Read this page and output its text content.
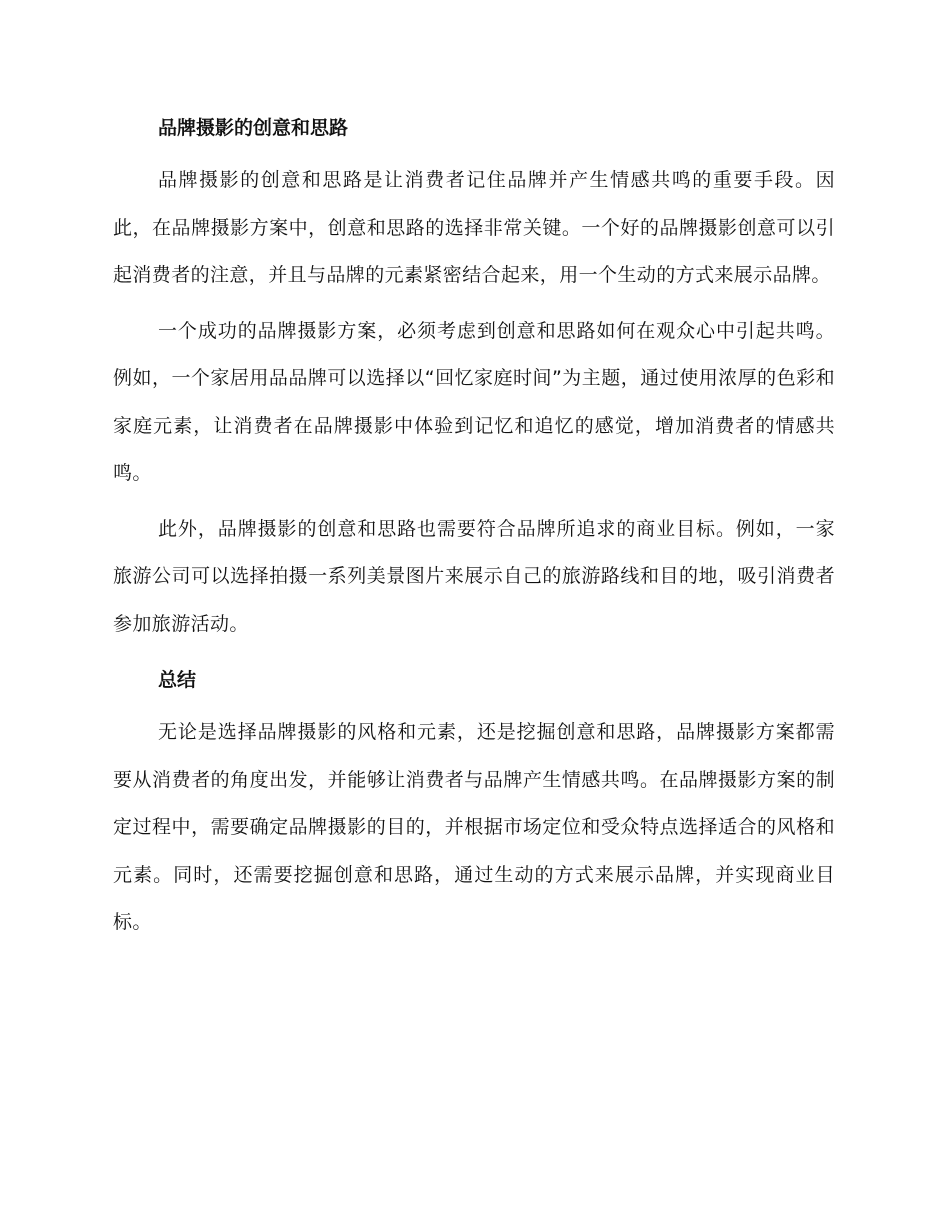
品牌摄影的创意和思路

品牌摄影的创意和思路是让消费者记住品牌并产生情感共鸣的重要手段。因此，在品牌摄影方案中，创意和思路的选择非常关键。一个好的品牌摄影创意可以引起消费者的注意，并且与品牌的元素紧密结合起来，用一个生动的方式来展示品牌。

一个成功的品牌摄影方案，必须考虑到创意和思路如何在观众心中引起共鸣。例如，一个家居用品品牌可以选择以“回忆家庭时间”为主题，通过使用浓厚的色彩和家庭元素，让消费者在品牌摄影中体验到记忆和追忆的感觉，增加消费者的情感共鸣。

此外，品牌摄影的创意和思路也需要符合品牌所追求的商业目标。例如，一家旅游公司可以选择拍摄一系列美景图片来展示自己的旅游路线和目的地，吸引消费者参加旅游活动。

总结

无论是选择品牌摄影的风格和元素，还是挖掘创意和思路，品牌摄影方案都需要从消费者的角度出发，并能够让消费者与品牌产生情感共鸣。在品牌摄影方案的制定过程中，需要确定品牌摄影的目的，并根据市场定位和受众特点选择适合的风格和元素。同时，还需要挖掘创意和思路，通过生动的方式来展示品牌，并实现商业目标。
